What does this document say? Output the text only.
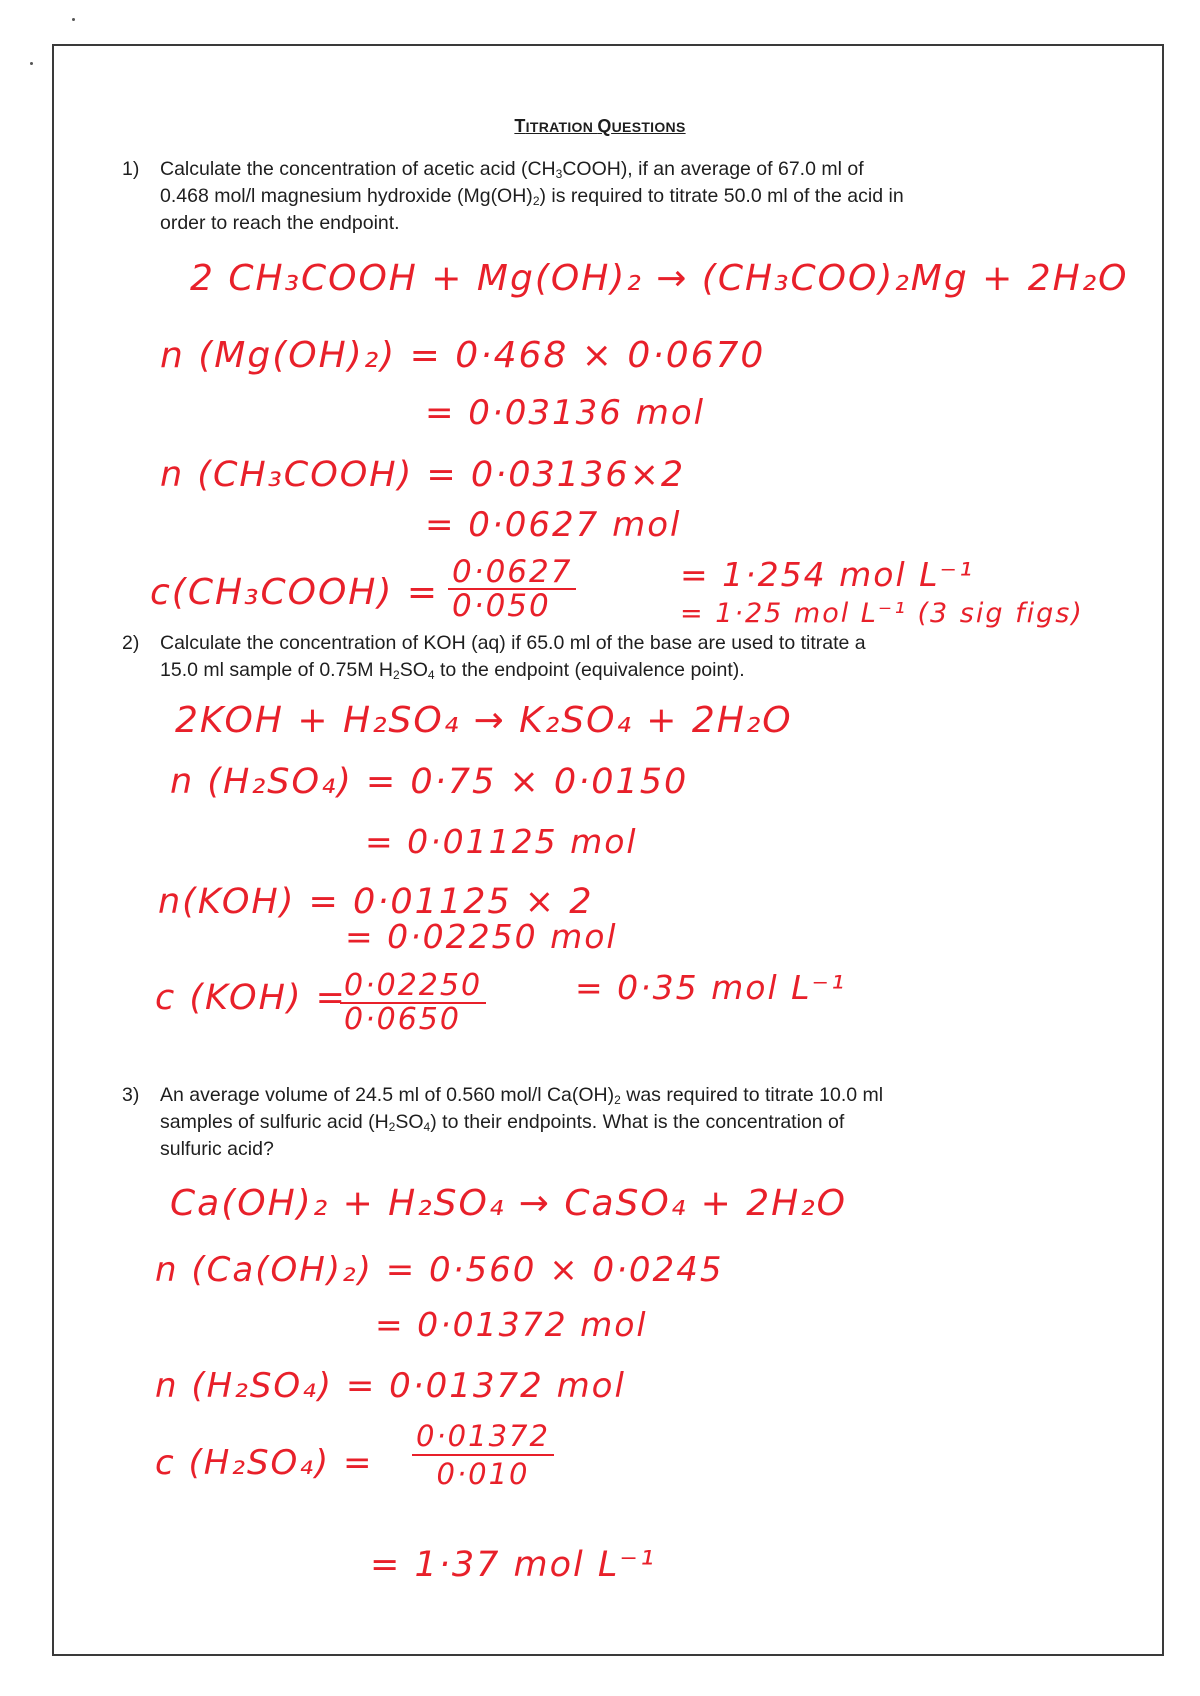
TITRATION QUESTIONS
1) Calculate the concentration of acetic acid $(CH_3COOH)$, if an average of 67.0 ml of
0.468 mol/l magnesium hydroxide $(Mg(OH)_2)$ is required to titrate 50.0 ml of the acid in
order to reach the endpoint.
2 CH₃COOH + Mg(OH)₂ → (CH₃COO)₂Mg + 2H₂O
n (Mg(OH)₂) = 0·468 × 0·0670
= 0·03136 mol
n (CH₃COOH) = 0·03136×2
= 0·0627 mol
c(CH₃COOH) = $\frac{0\cdot 0627}{0\cdot 050}$	= 1·254 mol L⁻¹
= 1·25 mol L⁻¹ (3 sig figs)
2) Calculate the concentration of KOH (aq) if 65.0 ml of the base are used to titrate a
15.0 ml sample of 0.75M $H_2SO_4$ to the endpoint (equivalence point).
2KOH + H₂SO₄ → K₂SO₄ + 2H₂O
n (H₂SO₄) = 0·75 × 0·0150
= 0·01125 mol
n(KOH) = 0·01125 × 2
= 0·02250 mol
c (KOH) =
$\frac{0\cdot 02250}{0\cdot 0650}$	= 0·35 mol L⁻¹
3) An average volume of 24.5 ml of 0.560 mol/l $Ca(OH)_2$ was required to titrate 10.0 ml
samples of sulfuric acid $(H_2SO_4)$ to their endpoints. What is the concentration of
sulfuric acid?
Ca(OH)₂ + H₂SO₄ → CaSO₄ + 2H₂O
n (Ca(OH)₂) = 0·560 × 0·0245
= 0·01372 mol
n (H₂SO₄) = 0·01372 mol
c $(H_2SO_4) = \frac{0\cdot 01372}{0\cdot 010}$
= 1·37 mol L⁻¹
